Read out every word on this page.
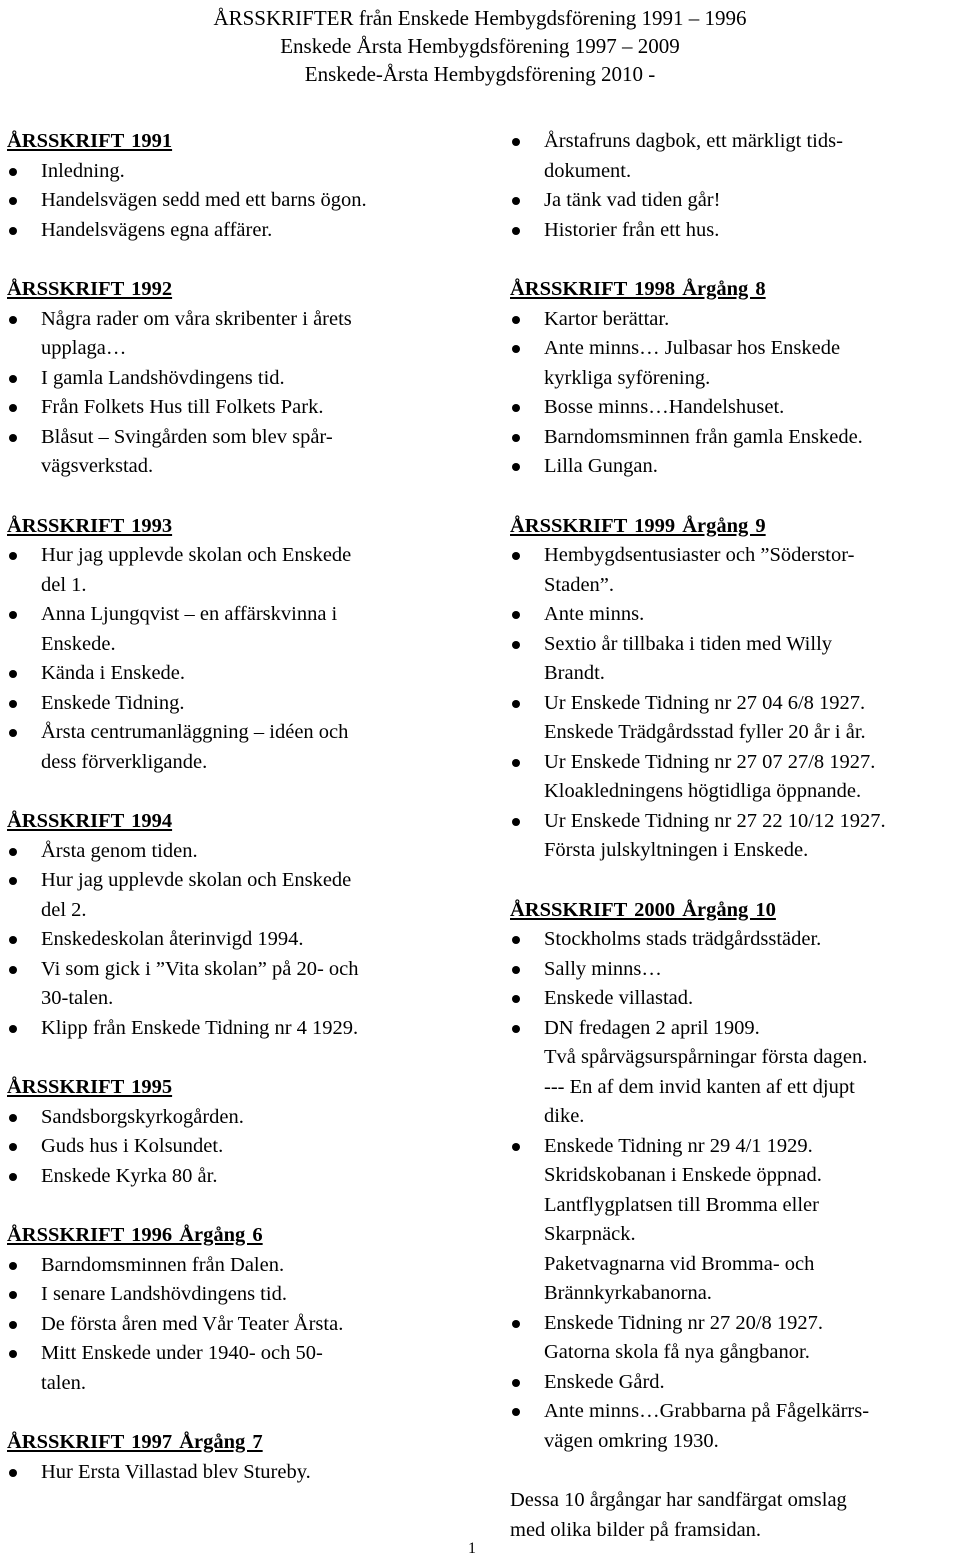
ÅRSSKRIFTER från Enskede Hembygdsförening 1991 – 1996
Enskede Årsta Hembygdsförening 1997 – 2009
Enskede-Årsta Hembygdsförening 2010 -
ÅRSSKRIFT 1991
Inledning.
Handelsvägen sedd med ett barns ögon.
Handelsvägens egna affärer.
ÅRSSKRIFT 1992
Några rader om våra skribenter i årets
upplaga…
I gamla Landshövdingens tid.
Från Folkets Hus till Folkets Park.
Blåsut – Svingården som blev spår-
vägsverkstad.
ÅRSSKRIFT 1993
Hur jag upplevde skolan och Enskede
del 1.
Anna Ljungqvist – en affärskvinna i
Enskede.
Kända i Enskede.
Enskede Tidning.
Årsta centrumanläggning – idéen och
dess förverkligande.
ÅRSSKRIFT 1994
Årsta genom tiden.
Hur jag upplevde skolan och Enskede
del 2.
Enskedeskolan återinvigd 1994.
Vi som gick i ”Vita skolan” på 20- och
30-talen.
Klipp från Enskede Tidning nr 4 1929.
ÅRSSKRIFT 1995
Sandsborgskyrkogården.
Guds hus i Kolsundet.
Enskede Kyrka 80 år.
ÅRSSKRIFT 1996 Årgång 6
Barndomsminnen från Dalen.
I senare Landshövdingens tid.
De första åren med Vår Teater Årsta.
Mitt Enskede under 1940- och 50-
talen.
ÅRSSKRIFT 1997 Årgång 7
Hur Ersta Villastad blev Stureby.
Årstafruns dagbok, ett märkligt tids-
dokument.
Ja tänk vad tiden går!
Historier från ett hus.
ÅRSSKRIFT 1998 Årgång 8
Kartor berättar.
Ante minns… Julbasar hos Enskede
kyrkliga syförening.
Bosse minns…Handelshuset.
Barndomsminnen från gamla Enskede.
Lilla Gungan.
ÅRSSKRIFT 1999 Årgång 9
Hembygdsentusiaster och ”Söderstor-
Staden”.
Ante minns.
Sextio år tillbaka i tiden med Willy
Brandt.
Ur Enskede Tidning nr 27 04 6/8 1927.
Enskede Trädgårdsstad fyller 20 år i år.
Ur Enskede Tidning nr 27 07 27/8 1927.
Kloakledningens högtidliga öppnande.
Ur Enskede Tidning nr 27 22 10/12 1927.
Första julskyltningen i Enskede.
ÅRSSKRIFT 2000 Årgång 10
Stockholms stads trädgårdsstäder.
Sally minns…
Enskede villastad.
DN fredagen 2 april 1909.
Två spårvägsurspårningar första dagen.
--- En af dem invid kanten af ett djupt
dike.
Enskede Tidning nr 29 4/1 1929.
Skridskobanan i Enskede öppnad.
Lantflygplatsen till Bromma eller
Skarpnäck.
Paketvagnarna vid Bromma- och
Brännkyrkabanorna.
Enskede Tidning nr 27 20/8 1927.
Gatorna skola få nya gångbanor.
Enskede Gård.
Ante minns…Grabbarna på Fågelkärrs-
vägen omkring 1930.

Dessa 10 årgångar har sandfärgat omslag
med olika bilder på framsidan.

1
